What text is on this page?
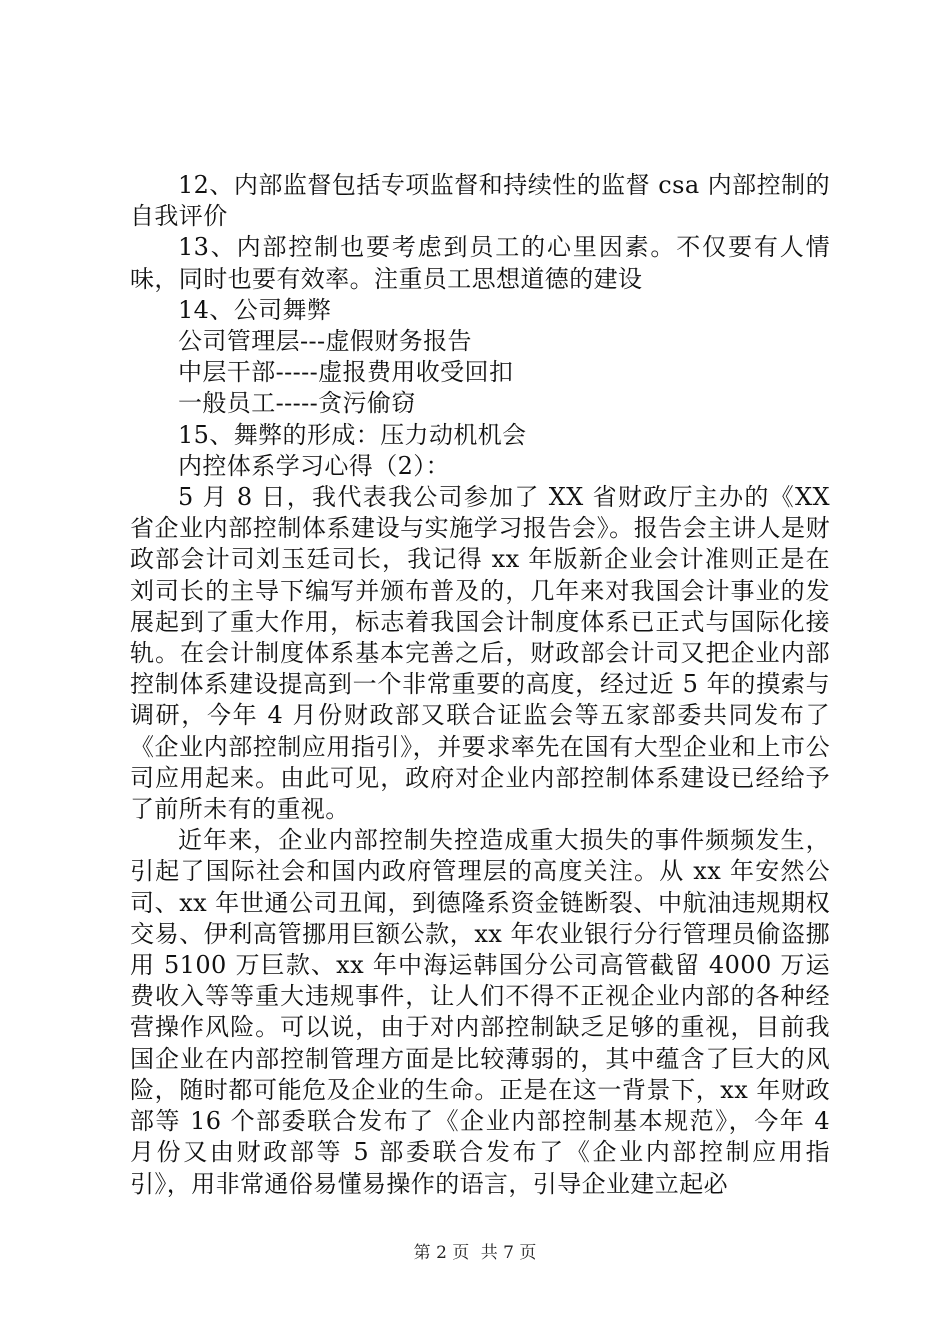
12、内部监督包括专项监督和持续性的监督 csa 内部控制的自我评价

13、内部控制也要考虑到员工的心里因素。不仅要有人情味，同时也要有效率。注重员工思想道德的建设

14、公司舞弊

公司管理层---虚假财务报告

中层干部-----虚报费用收受回扣

一般员工-----贪污偷窃

15、舞弊的形成：压力动机机会

内控体系学习心得（2）：

5 月 8 日，我代表我公司参加了 XX 省财政厅主办的《XX 省企业内部控制体系建设与实施学习报告会》。报告会主讲人是财政部会计司刘玉廷司长，我记得 xx 年版新企业会计准则正是在刘司长的主导下编写并颁布普及的，几年来对我国会计事业的发展起到了重大作用，标志着我国会计制度体系已正式与国际化接轨。在会计制度体系基本完善之后，财政部会计司又把企业内部控制体系建设提高到一个非常重要的高度，经过近 5 年的摸索与调研，今年 4 月份财政部又联合证监会等五家部委共同发布了《企业内部控制应用指引》，并要求率先在国有大型企业和上市公司应用起来。由此可见，政府对企业内部控制体系建设已经给予了前所未有的重视。

近年来，企业内部控制失控造成重大损失的事件频频发生，引起了国际社会和国内政府管理层的高度关注。从 xx 年安然公司、xx 年世通公司丑闻，到德隆系资金链断裂、中航油违规期权交易、伊利高管挪用巨额公款，xx 年农业银行分行管理员偷盗挪用 5100 万巨款、xx 年中海运韩国分公司高管截留 4000 万运费收入等等重大违规事件，让人们不得不正视企业内部的各种经营操作风险。可以说，由于对内部控制缺乏足够的重视，目前我国企业在内部控制管理方面是比较薄弱的，其中蕴含了巨大的风险，随时都可能危及企业的生命。正是在这一背景下，xx 年财政部等 16 个部委联合发布了《企业内部控制基本规范》，今年 4 月份又由财政部等 5 部委联合发布了《企业内部控制应用指引》，用非常通俗易懂易操作的语言，引导企业建立起必

第 2 页 共 7 页
